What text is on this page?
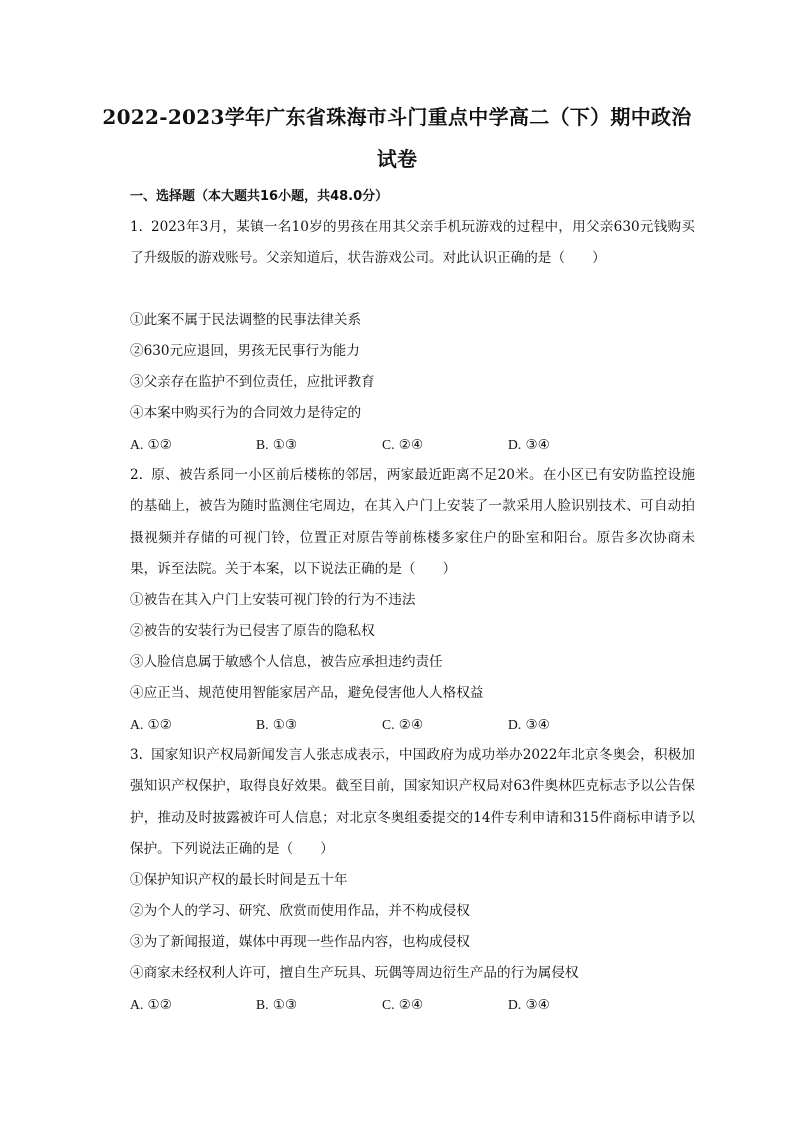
2022-2023学年广东省珠海市斗门重点中学高二（下）期中政治
试卷
一、选择题（本大题共16小题，共48.0分）
1. 2023年3月，某镇一名10岁的男孩在用其父亲手机玩游戏的过程中，用父亲630元钱购买了升级版的游戏账号。父亲知道后，状告游戏公司。对此认识正确的是（　　）
①此案不属于民法调整的民事法律关系
②630元应退回，男孩无民事行为能力
③父亲存在监护不到位责任，应批评教育
④本案中购买行为的合同效力是待定的
A. ①②	B. ①③	C. ②④	D. ③④
2. 原、被告系同一小区前后楼栋的邻居，两家最近距离不足20米。在小区已有安防监控设施的基础上，被告为随时监测住宅周边，在其入户门上安装了一款采用人脸识别技术、可自动拍摄视频并存储的可视门铃，位置正对原告等前栋楼多家住户的卧室和阳台。原告多次协商未果，诉至法院。关于本案，以下说法正确的是（　　）
①被告在其入户门上安装可视门铃的行为不违法
②被告的安装行为已侵害了原告的隐私权
③人脸信息属于敏感个人信息，被告应承担违约责任
④应正当、规范使用智能家居产品，避免侵害他人人格权益
A. ①②	B. ①③	C. ②④	D. ③④
3. 国家知识产权局新闻发言人张志成表示，中国政府为成功举办2022年北京冬奥会，积极加强知识产权保护，取得良好效果。截至目前，国家知识产权局对63件奥林匹克标志予以公告保护，推动及时披露被许可人信息；对北京冬奥组委提交的14件专利申请和315件商标申请予以保护。下列说法正确的是（　　）
①保护知识产权的最长时间是五十年
②为个人的学习、研究、欣赏而使用作品，并不构成侵权
③为了新闻报道，媒体中再现一些作品内容，也构成侵权
④商家未经权利人许可，擅自生产玩具、玩偶等周边衍生产品的行为属侵权
A. ①②	B. ①③	C. ②④	D. ③④
